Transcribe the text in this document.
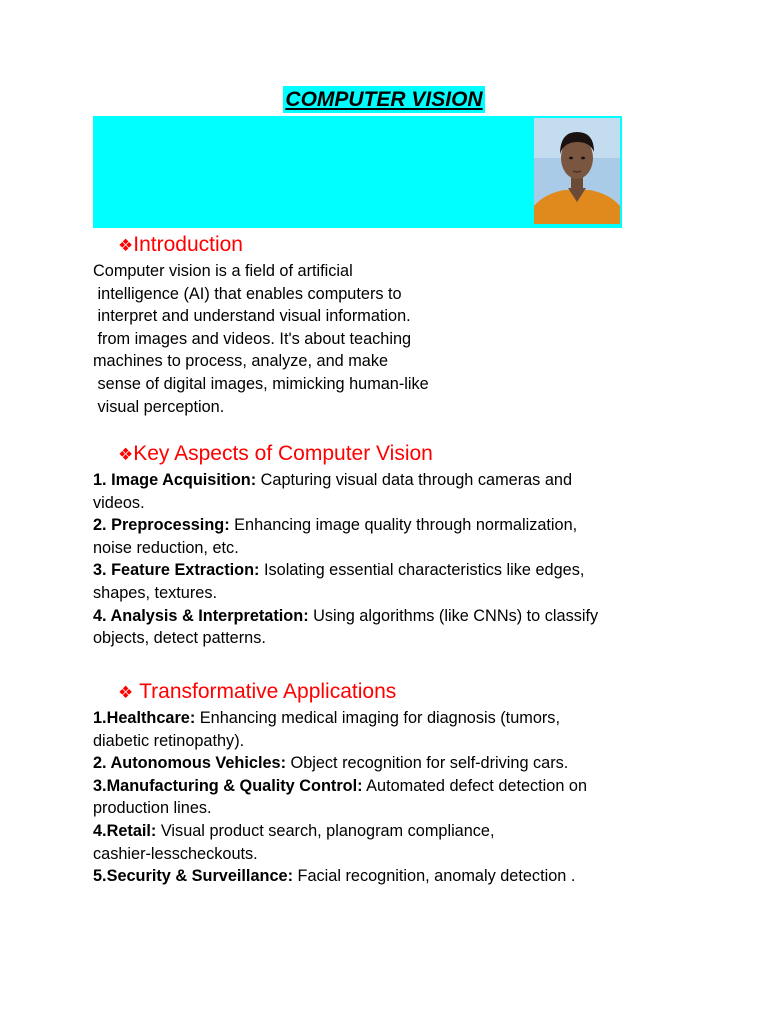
COMPUTER VISION
❖Introduction
Computer vision is a field of artificial
intelligence (AI) that enables computers to
interpret and understand visual information.
from images and videos. It's about teaching
machines to process, analyze, and make
sense of digital images, mimicking human-like
visual perception.
❖Key Aspects of Computer Vision
1. Image Acquisition: Capturing visual data through cameras and
videos.
2. Preprocessing: Enhancing image quality through normalization,
noise reduction, etc.
3. Feature Extraction: Isolating essential characteristics like edges,
shapes, textures.
4. Analysis & Interpretation: Using algorithms (like CNNs) to classify
objects, detect patterns.
❖ Transformative Applications
1.Healthcare: Enhancing medical imaging for diagnosis (tumors,
diabetic retinopathy).
2. Autonomous Vehicles: Object recognition for self-driving cars.
3.Manufacturing & Quality Control: Automated defect detection on
production lines.
4.Retail: Visual product search, planogram compliance,
cashier-lesscheckouts.
5.Security & Surveillance: Facial recognition, anomaly detection .
